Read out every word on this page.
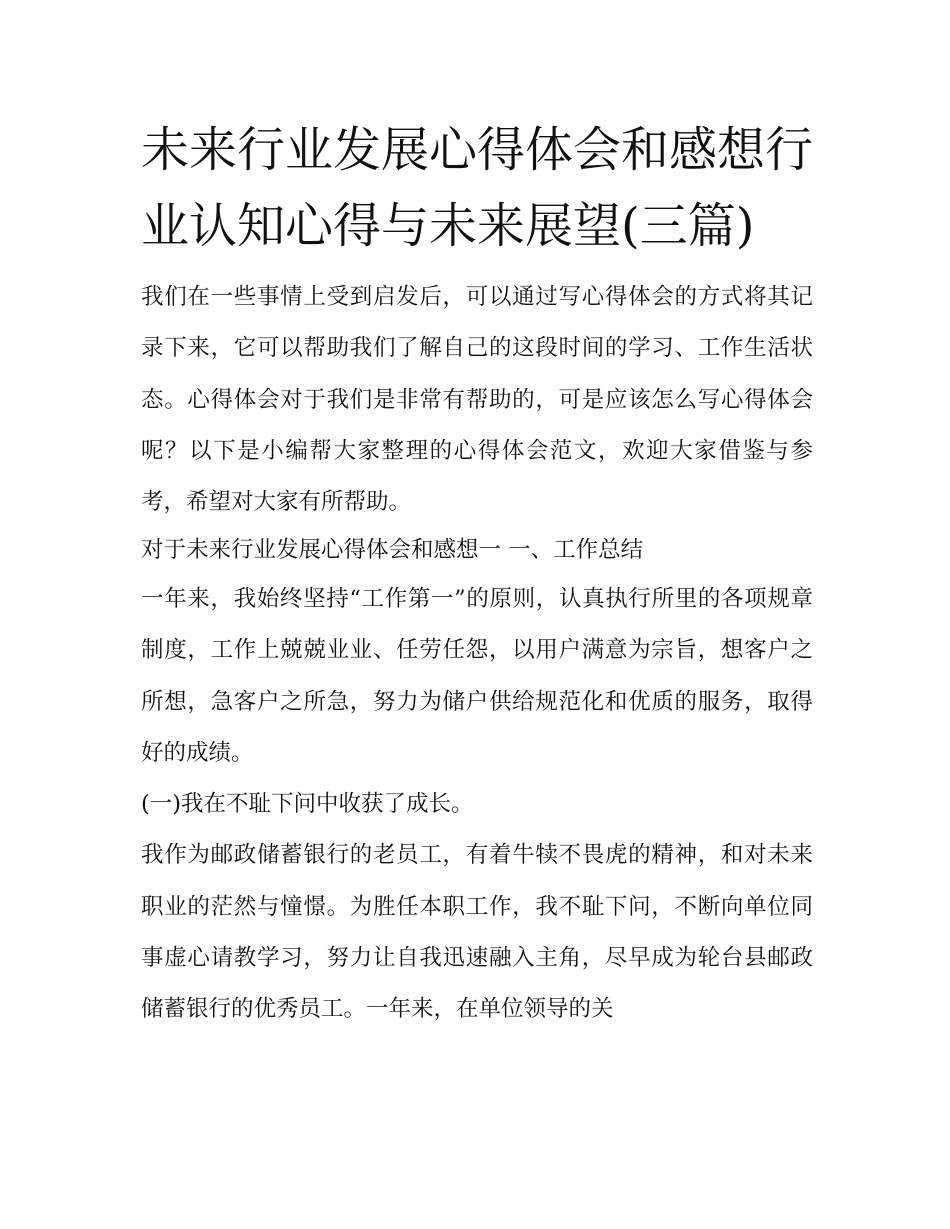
未来行业发展心得体会和感想行业认知心得与未来展望(三篇)

我们在一些事情上受到启发后，可以通过写心得体会的方式将其记录下来，它可以帮助我们了解自己的这段时间的学习、工作生活状态。心得体会对于我们是非常有帮助的，可是应该怎么写心得体会呢？以下是小编帮大家整理的心得体会范文，欢迎大家借鉴与参考，希望对大家有所帮助。

对于未来行业发展心得体会和感想一 一、工作总结

一年来，我始终坚持“工作第一”的原则，认真执行所里的各项规章制度，工作上兢兢业业、任劳任怨，以用户满意为宗旨，想客户之所想，急客户之所急，努力为储户供给规范化和优质的服务，取得好的成绩。

(一)我在不耻下问中收获了成长。

我作为邮政储蓄银行的老员工，有着牛犊不畏虎的精神，和对未来职业的茫然与憧憬。为胜任本职工作，我不耻下问，不断向单位同事虚心请教学习，努力让自我迅速融入主角，尽早成为轮台县邮政储蓄银行的优秀员工。一年来，在单位领导的关
